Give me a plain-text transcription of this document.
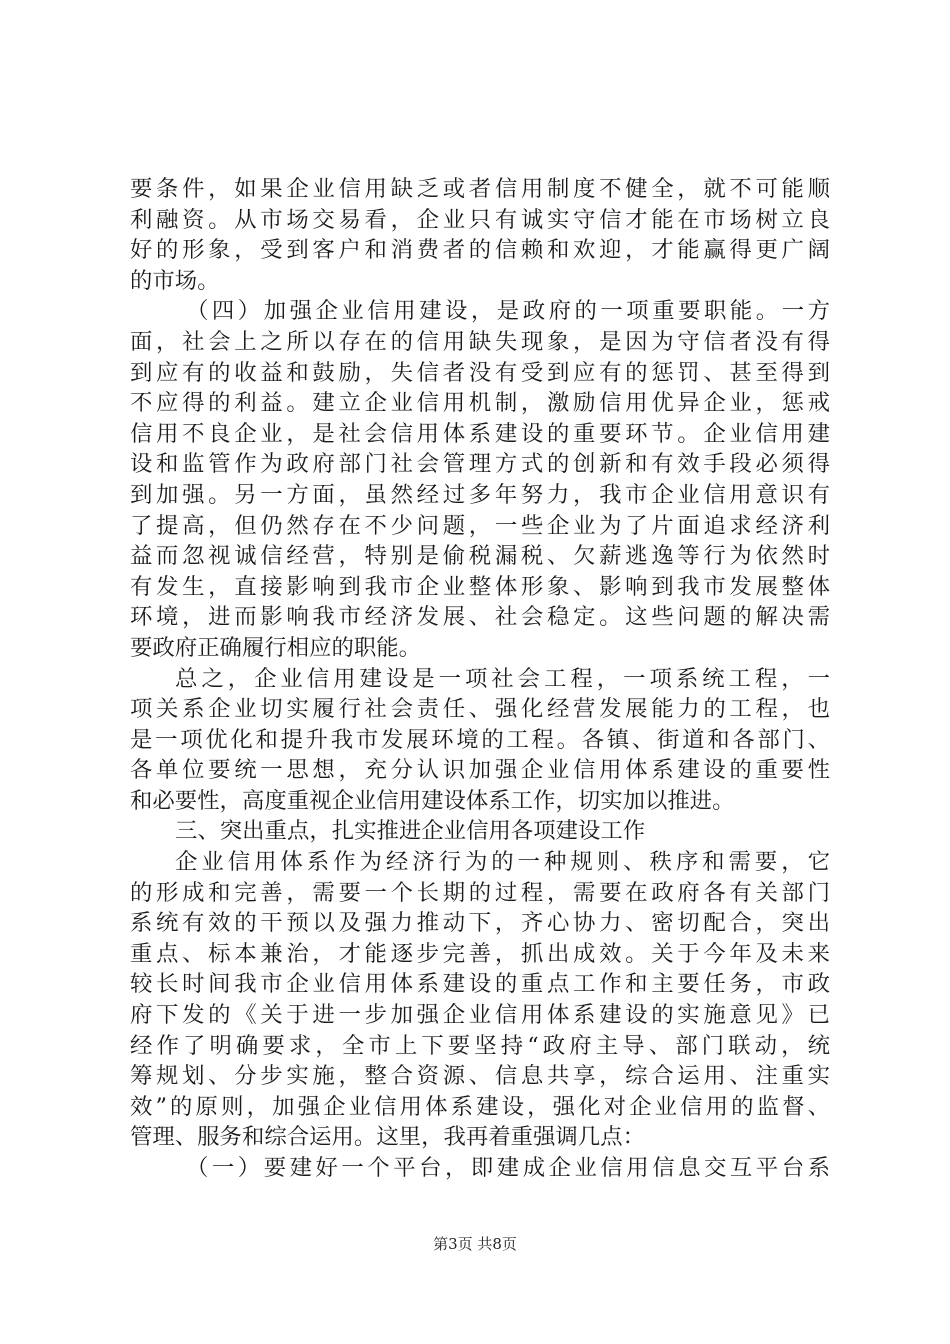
要条件，如果企业信用缺乏或者信用制度不健全，就不可能顺
利融资。从市场交易看，企业只有诚实守信才能在市场树立良
好的形象，受到客户和消费者的信赖和欢迎，才能赢得更广阔
的市场。
（四）加强企业信用建设，是政府的一项重要职能。一方
面，社会上之所以存在的信用缺失现象，是因为守信者没有得
到应有的收益和鼓励，失信者没有受到应有的惩罚、甚至得到
不应得的利益。建立企业信用机制，激励信用优异企业，惩戒
信用不良企业，是社会信用体系建设的重要环节。企业信用建
设和监管作为政府部门社会管理方式的创新和有效手段必须得
到加强。另一方面，虽然经过多年努力，我市企业信用意识有
了提高，但仍然存在不少问题，一些企业为了片面追求经济利
益而忽视诚信经营，特别是偷税漏税、欠薪逃逸等行为依然时
有发生，直接影响到我市企业整体形象、影响到我市发展整体
环境，进而影响我市经济发展、社会稳定。这些问题的解决需
要政府正确履行相应的职能。
总之，企业信用建设是一项社会工程，一项系统工程，一
项关系企业切实履行社会责任、强化经营发展能力的工程，也
是一项优化和提升我市发展环境的工程。各镇、街道和各部门、
各单位要统一思想，充分认识加强企业信用体系建设的重要性
和必要性，高度重视企业信用建设体系工作，切实加以推进。
三、突出重点，扎实推进企业信用各项建设工作
企业信用体系作为经济行为的一种规则、秩序和需要，它
的形成和完善，需要一个长期的过程，需要在政府各有关部门
系统有效的干预以及强力推动下，齐心协力、密切配合，突出
重点、标本兼治，才能逐步完善，抓出成效。关于今年及未来
较长时间我市企业信用体系建设的重点工作和主要任务，市政
府下发的《关于进一步加强企业信用体系建设的实施意见》已
经作了明确要求，全市上下要坚持“政府主导、部门联动，统
筹规划、分步实施，整合资源、信息共享，综合运用、注重实
效”的原则，加强企业信用体系建设，强化对企业信用的监督、
管理、服务和综合运用。这里，我再着重强调几点：
（一）要建好一个平台，即建成企业信用信息交互平台系
第3页 共8页
